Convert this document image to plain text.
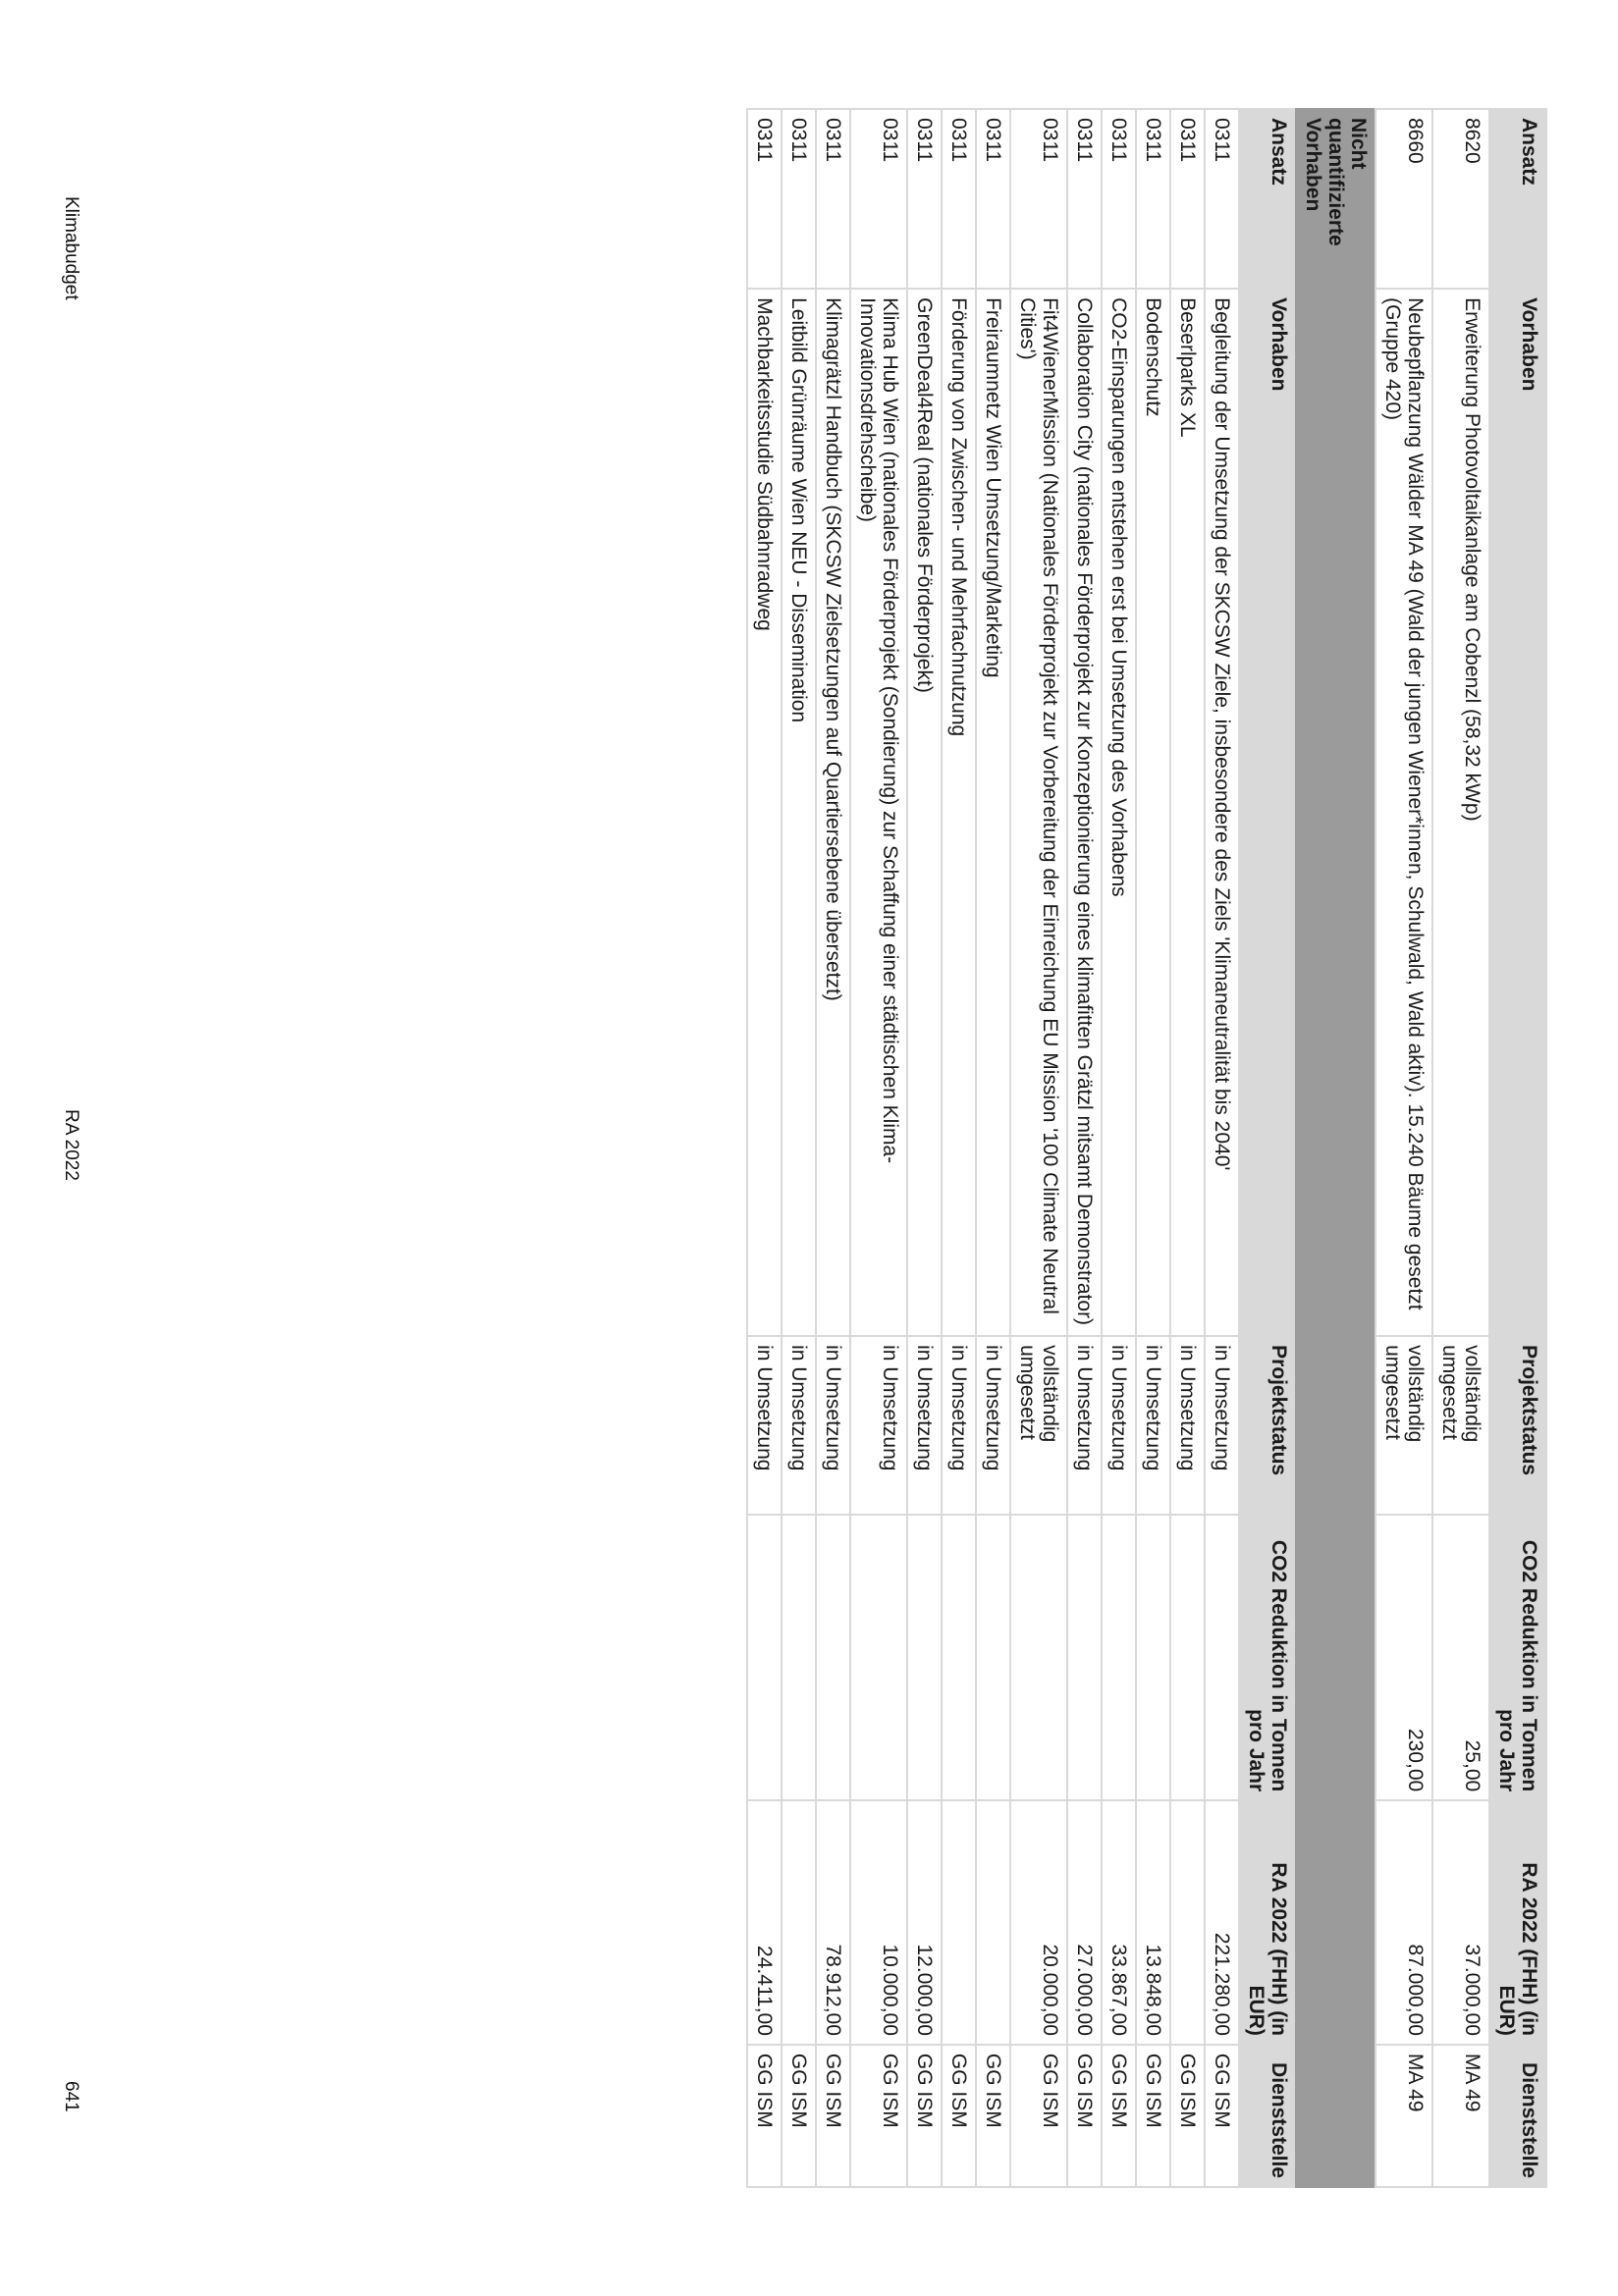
Ansatz	Vorhaben	Projektstatus	CO2 Reduktion in Tonnen pro Jahr	RA 2022 (FHH) (in EUR)	Dienststelle
8620	Erweiterung Photovoltaikanlage am Cobenzl (58,32 kWp)	vollständig umgesetzt	25,00	37.000,00	MA 49
8660	Neubepflanzung Wälder MA 49 (Wald der jungen Wiener*innen, Schulwald, Wald aktiv). 15.240 Bäume gesetzt (Gruppe 420)	vollständig umgesetzt	230,00	87.000,00	MA 49
Nicht quantifizierte Vorhaben					
Ansatz	Vorhaben	Projektstatus	CO2 Reduktion in Tonnen pro Jahr	RA 2022 (FHH) (in EUR)	Dienststelle
0311	Begleitung der Umsetzung der SKCSW Ziele, insbesondere des Ziels 'Klimaneutralität bis 2040'	in Umsetzung		221.280,00	GG ISM
0311	Beserlparks XL	in Umsetzung			GG ISM
0311	Bodenschutz	in Umsetzung		13.848,00	GG ISM
0311	CO2-Einsparungen entstehen erst bei Umsetzung des Vorhabens	in Umsetzung		33.867,00	GG ISM
0311	Collaboration City (nationales Förderprojekt zur Konzeptionierung eines klimafitten Grätzl mitsamt Demonstrator)	in Umsetzung		27.000,00	GG ISM
0311	Fit4WienerMission (Nationales Förderprojekt zur Vorbereitung der Einreichung EU Mission '100 Climate Neutral Cities')	vollständig umgesetzt		20.000,00	GG ISM
0311	Freiraumnetz Wien Umsetzung/Marketing	in Umsetzung			GG ISM
0311	Förderung von Zwischen- und Mehrfachnutzung	in Umsetzung			GG ISM
0311	GreenDeal4Real (nationales Förderprojekt)	in Umsetzung		12.000,00	GG ISM
0311	Klima Hub Wien (nationales Förderprojekt (Sondierung) zur Schaffung einer städtischen Klima-Innovationsdrehscheibe)	in Umsetzung		10.000,00	GG ISM
0311	Klimagrätzl Handbuch (SKCSW Zielsetzungen auf Quartiersebene übersetzt)	in Umsetzung		78.912,00	GG ISM
0311	Leitbild Grünräume Wien NEU - Dissemination	in Umsetzung			GG ISM
0311	Machbarkeitsstudie Südbahnradweg	in Umsetzung		24.411,00	GG ISM
Klimabudget
RA 2022
641
